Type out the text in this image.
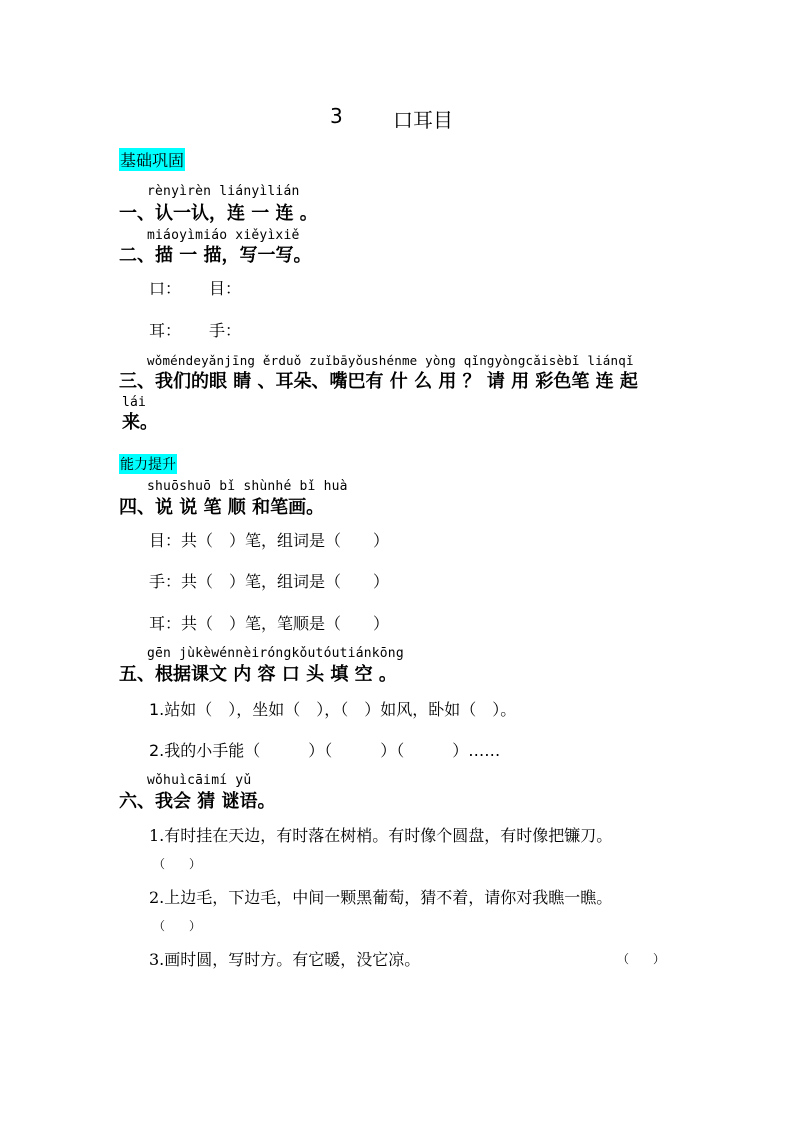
3	口耳目
基础巩固
rènyìrèn liányìlián
一、认一认，连 一 连 。
miáoyìmiáo xiěyìxiě
二、描 一 描，写一写。
口： 目：
耳： 手：
wǒméndeyǎnjīng ěrduǒ zuǐbāyǒushénme yòng qǐngyòngcǎisèbǐ liánqǐ
三、我们的眼 睛 、耳朵、嘴巴有 什 么 用 ？ 请 用 彩色笔 连 起
lái
来。
能力提升
shuōshuō bǐ shùnhé bǐ huà
四、说 说 笔 顺 和笔画。
目：共（　）笔，组词是（　　）
手：共（　）笔，组词是（　　）
耳：共（　）笔，笔顺是（　　）
gēn jùkèwénnèiróngkǒutóutiánkōng
五、根据课文 内 容 口 头 填 空 。
1.站如（　），坐如（　），（　）如风，卧如（　）。
2.我的小手能（　　　）（　　　）（　　　）……
wǒhuìcāimí yǔ
六、我会 猜 谜语。
1.有时挂在天边，有时落在树梢。有时像个圆盘，有时像把镰刀。
（　　）
2.上边毛，下边毛，中间一颗黑葡萄，猜不着，请你对我瞧一瞧。
（　　）
3.画时圆，写时方。有它暖，没它凉。	（　　）
